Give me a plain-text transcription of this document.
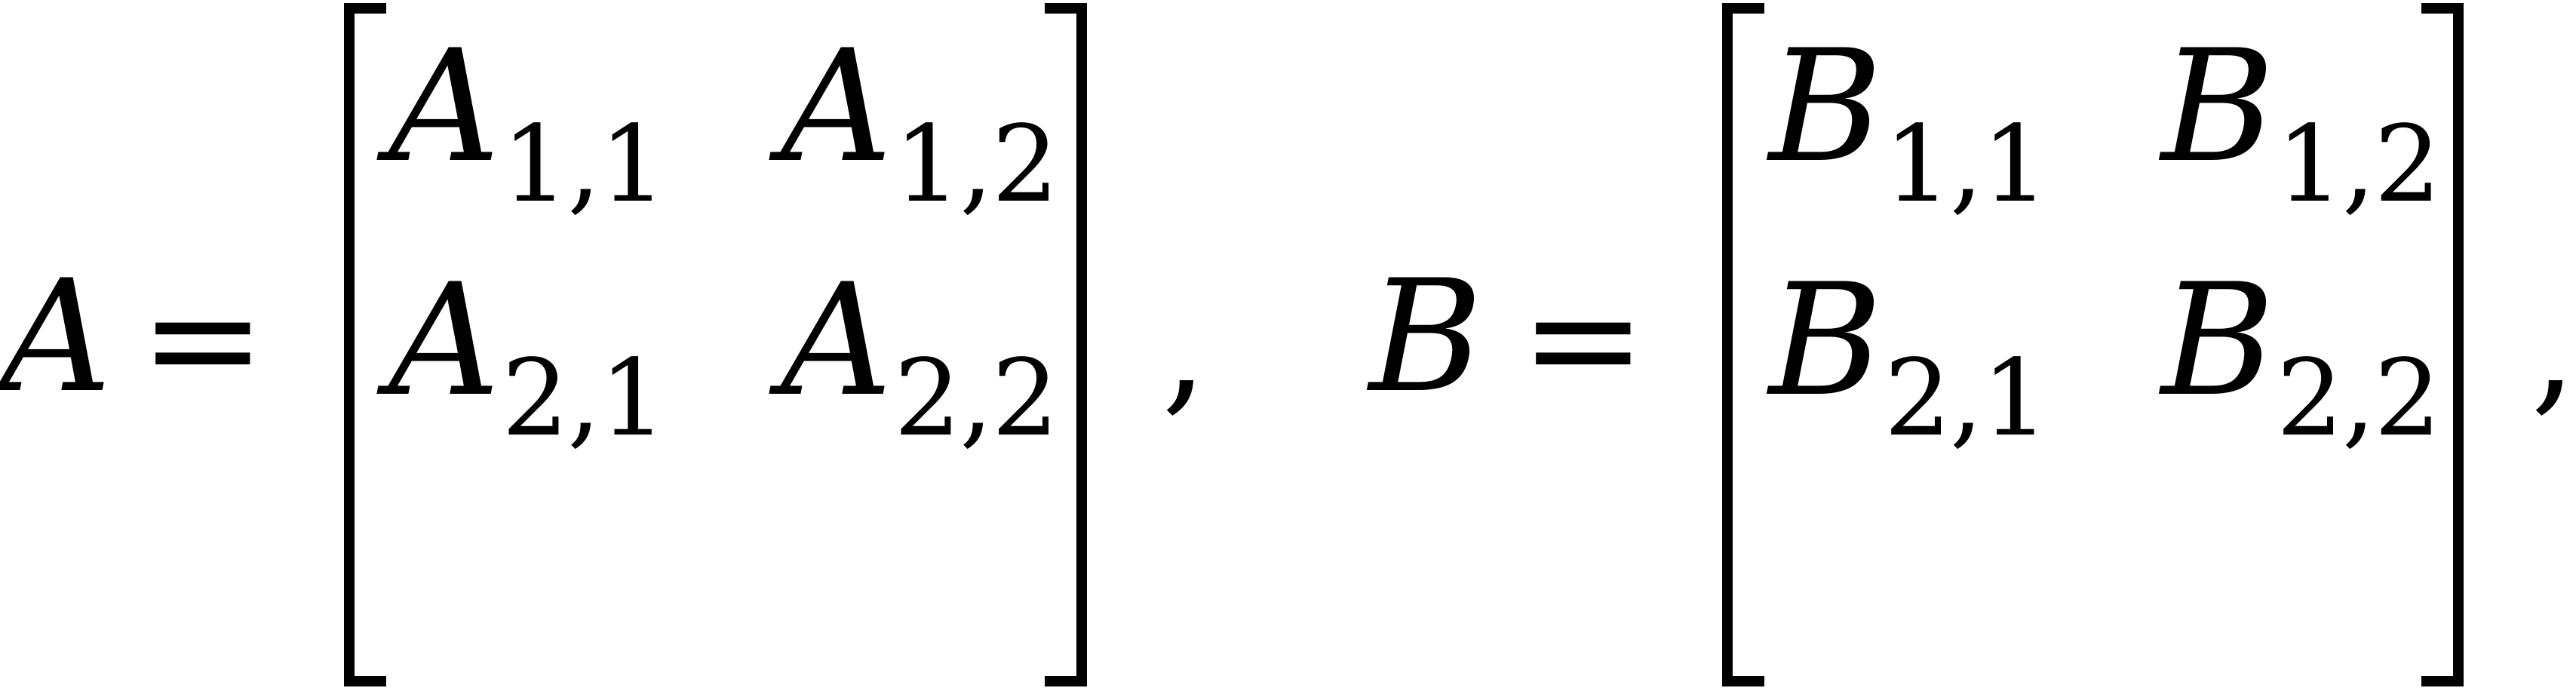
A =
$A_{1,1}$ $A_{1,2}$
$A_{2,1}$ $A_{2,2}$ , B =
$B_{1,1}$ $B_{1,2}$
$B_{2,1}$ $B_{2,2}$ ,
